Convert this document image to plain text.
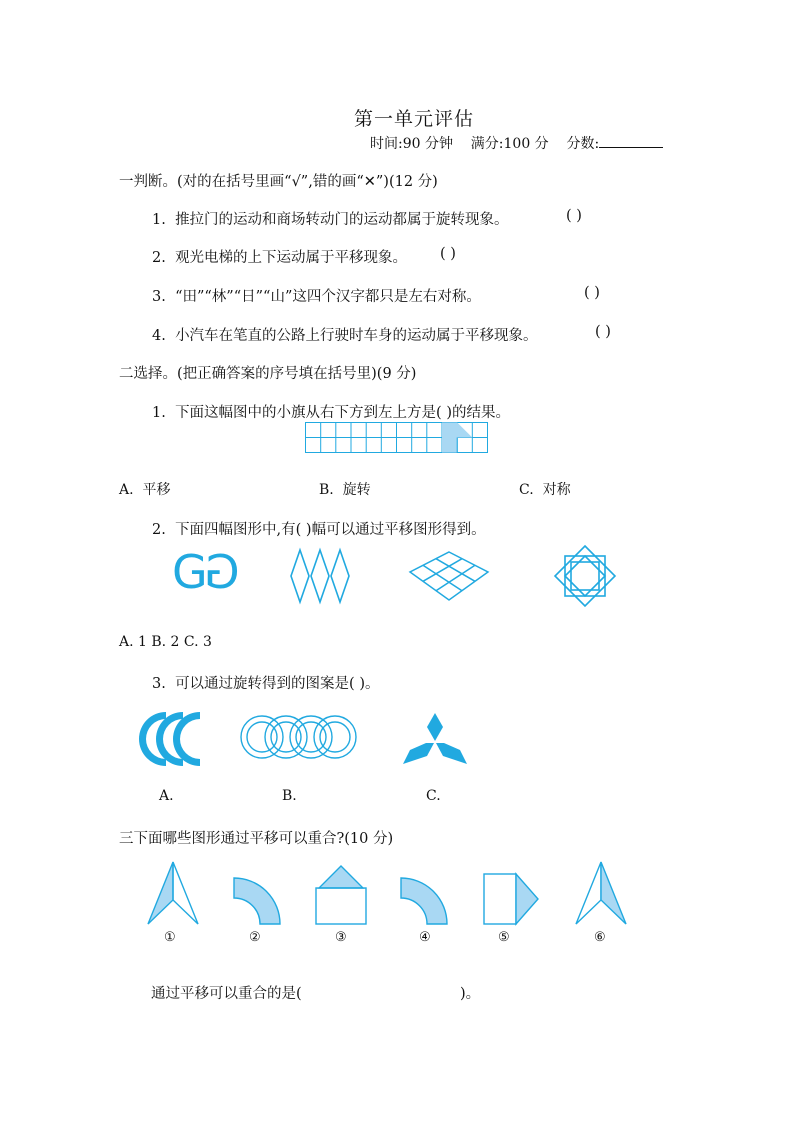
第一单元评估
时间:90 分钟 满分:100 分 分数:
一判断。(对的在括号里画“√”,错的画“✕”)(12 分)
1. 推拉门的运动和商场转动门的运动都属于旋转现象。	( )
2. 观光电梯的上下运动属于平移现象。 ( )
3. “田”“林”“日”“山”这四个汉字都只是左右对称。	( )
4. 小汽车在笔直的公路上行驶时车身的运动属于平移现象。	( )
二选择。(把正确答案的序号填在括号里)(9 分)
1. 下面这幅图中的小旗从右下方到左上方是( )的结果。
A. 平移	B. 旋转	C. 对称
2. 下面四幅图形中,有( )幅可以通过平移图形得到。
GG
A. 1 B. 2 C. 3
3. 可以通过旋转得到的图案是( )。
A.	B.	C.
三下面哪些图形通过平移可以重合?(10 分)
①	②	③	④	⑤	⑥
通过平移可以重合的是(	)。
